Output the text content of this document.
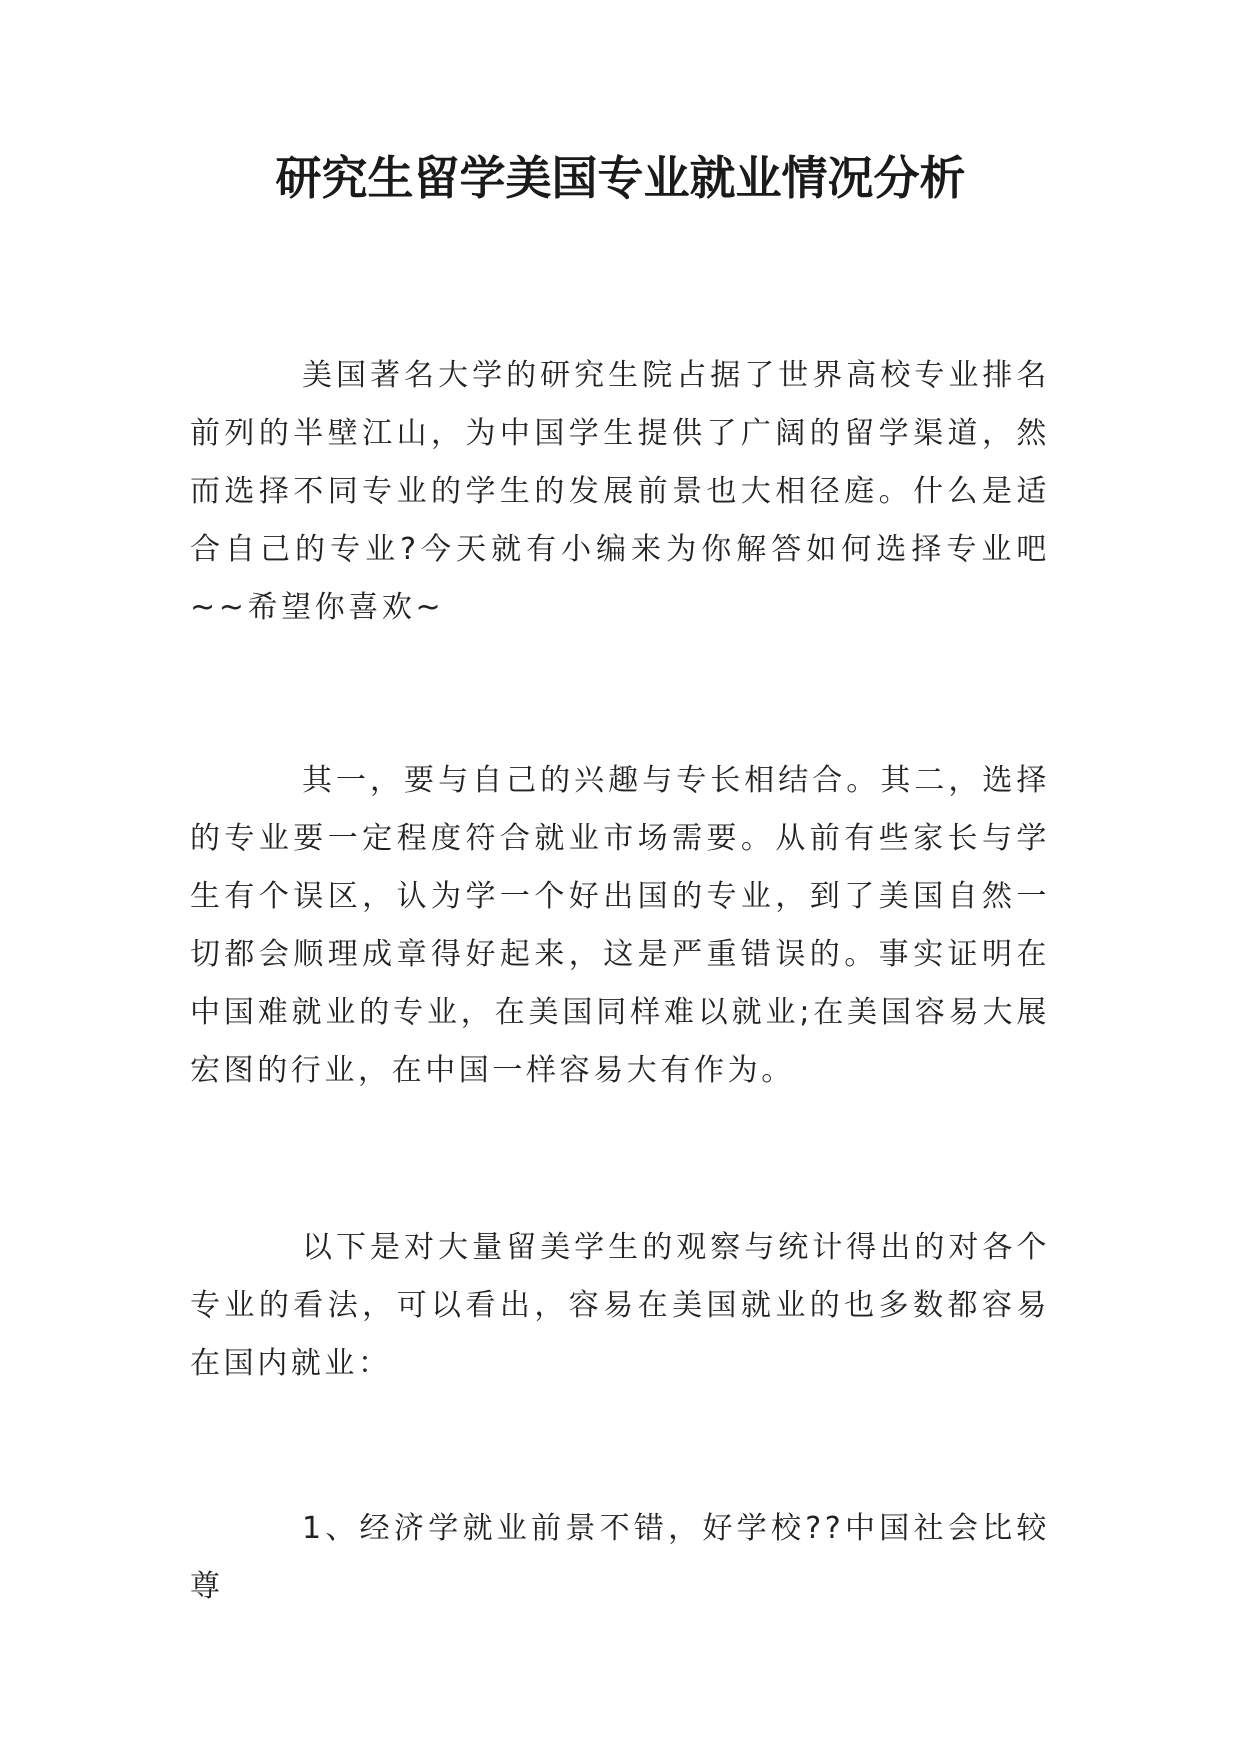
研究生留学美国专业就业情况分析

美国著名大学的研究生院占据了世界高校专业排名前列的半壁江山，为中国学生提供了广阔的留学渠道，然而选择不同专业的学生的发展前景也大相径庭。什么是适合自己的专业?今天就有小编来为你解答如何选择专业吧~~希望你喜欢~

其一，要与自己的兴趣与专长相结合。其二，选择的专业要一定程度符合就业市场需要。从前有些家长与学生有个误区，认为学一个好出国的专业，到了美国自然一切都会顺理成章得好起来，这是严重错误的。事实证明在中国难就业的专业，在美国同样难以就业;在美国容易大展宏图的行业，在中国一样容易大有作为。

以下是对大量留美学生的观察与统计得出的对各个专业的看法，可以看出，容易在美国就业的也多数都容易在国内就业：

1、经济学就业前景不错，好学校??中国社会比较尊
